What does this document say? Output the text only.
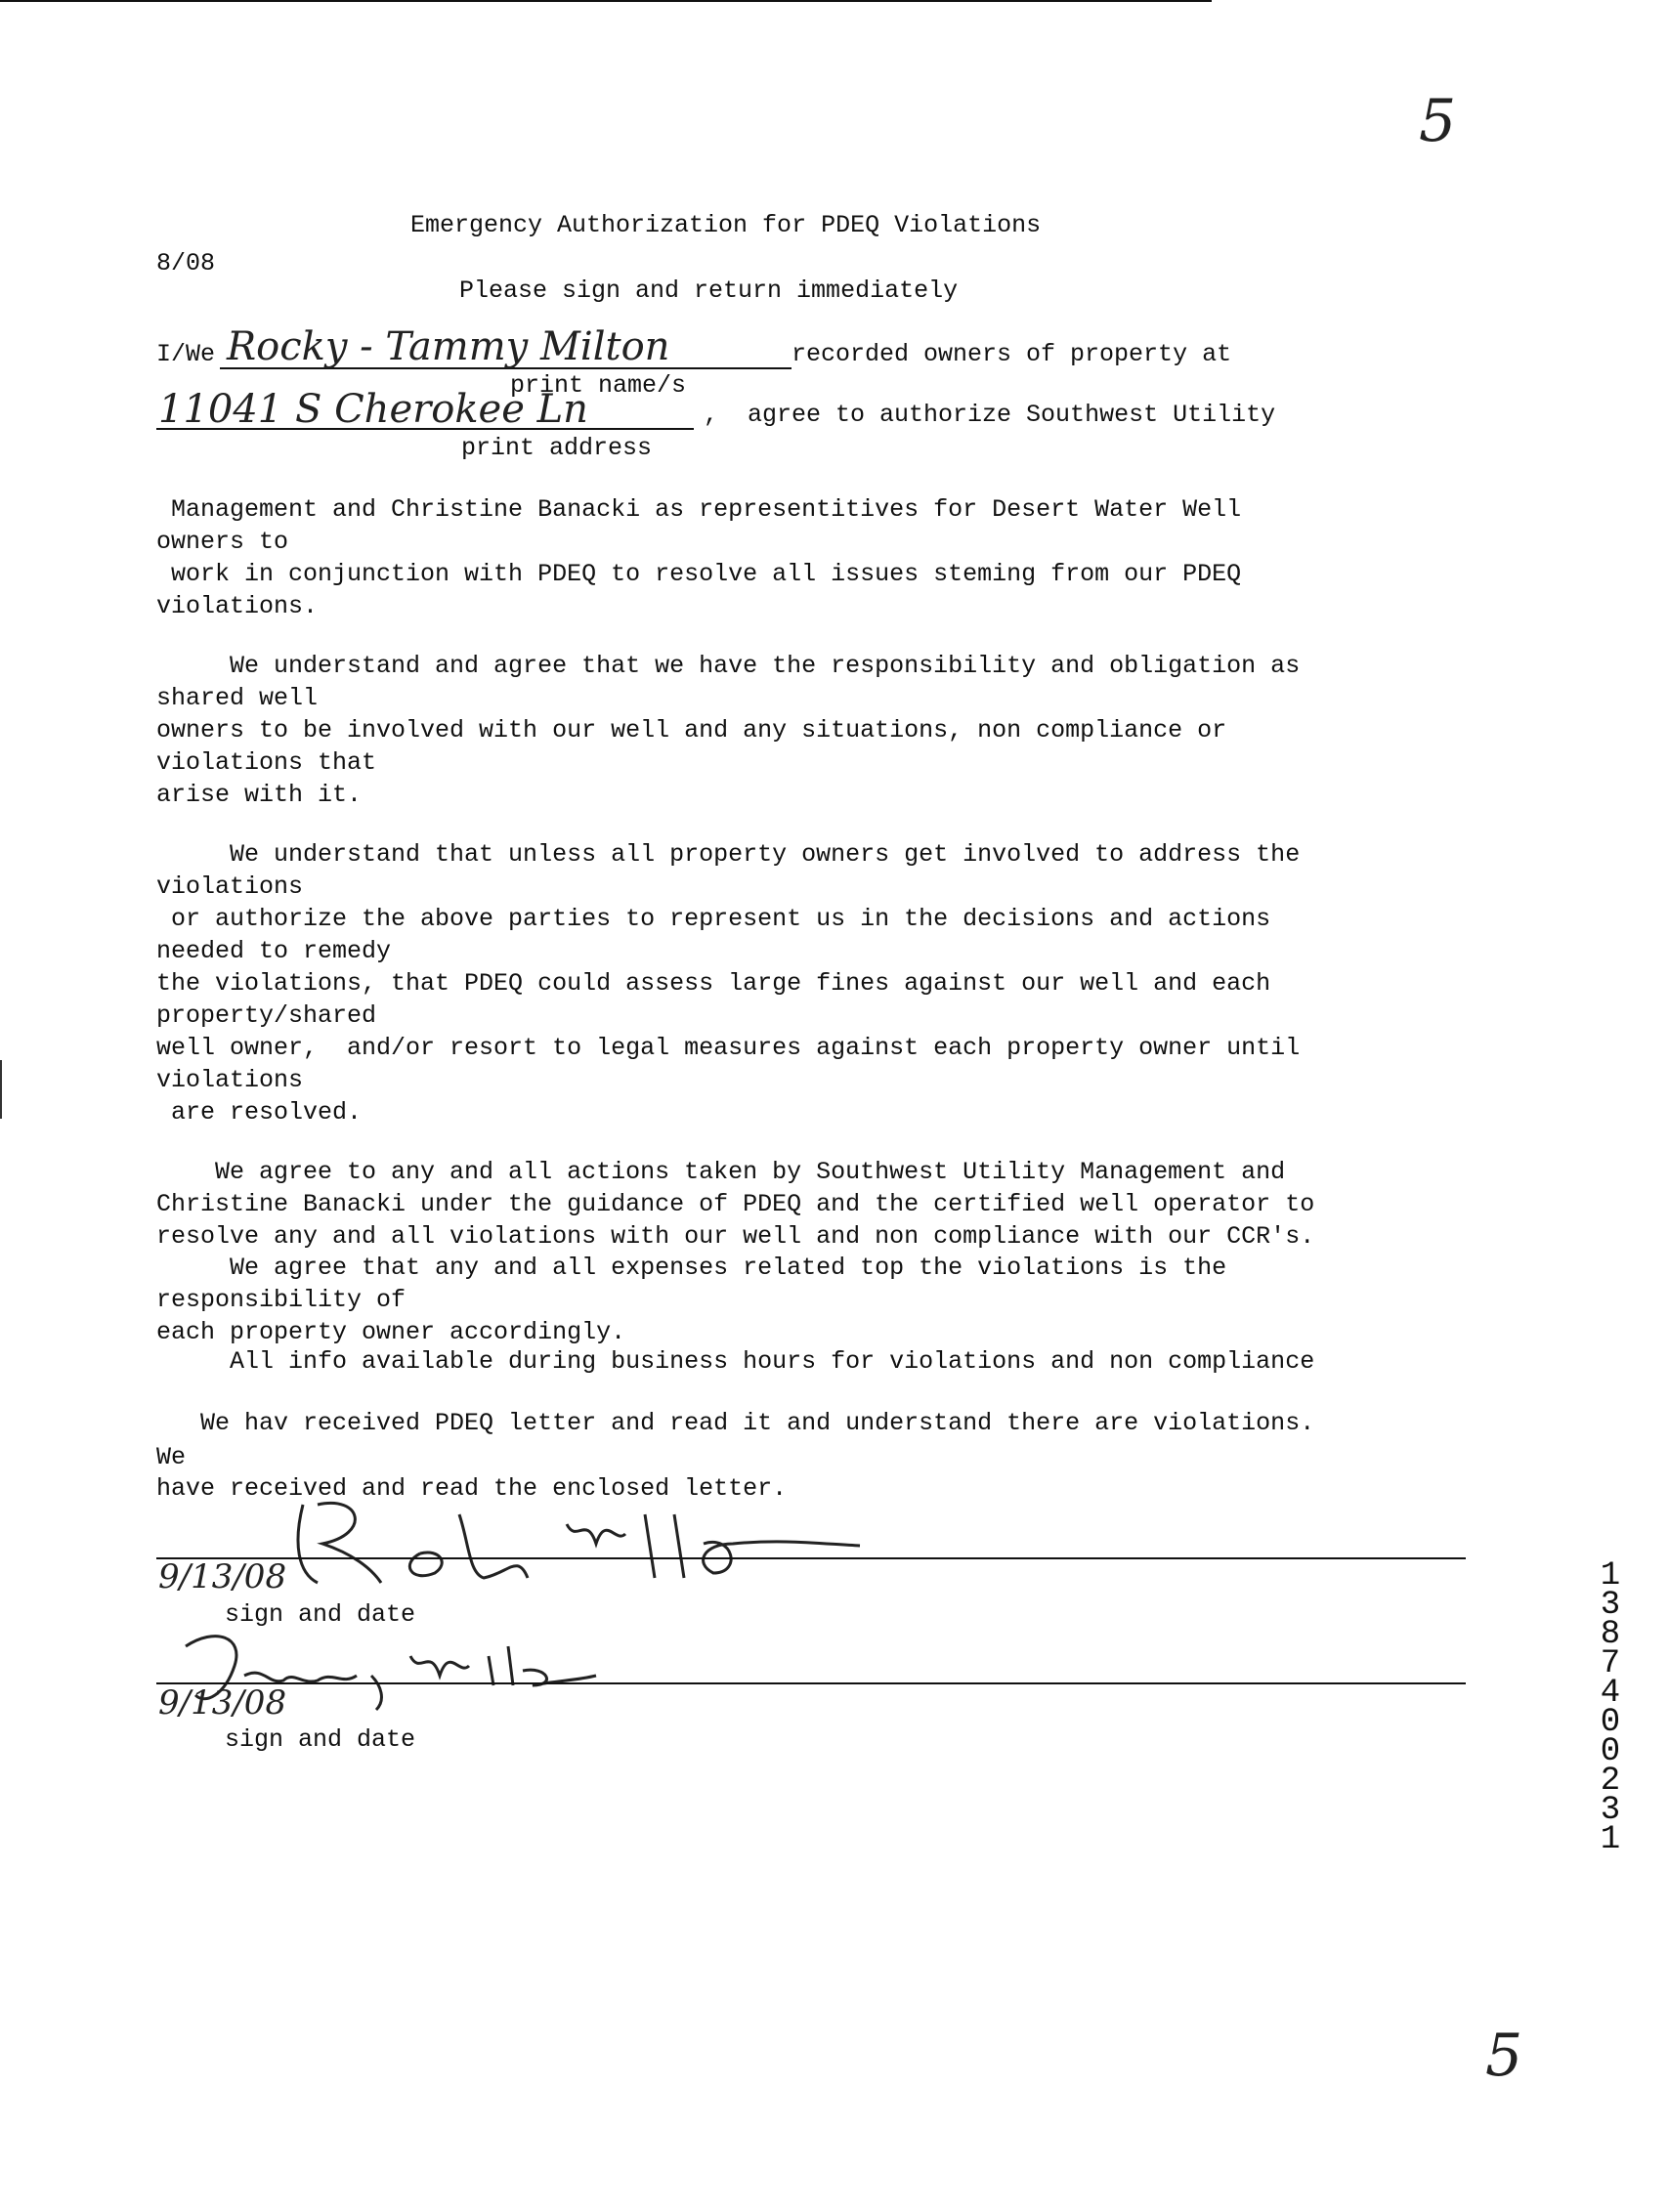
5
8/08
Emergency Authorization for PDEQ Violations
Please sign and return immediately
I/We Rocky - Tammy Milton	recorded owners of property at
print name/s
11041 S Cherokee Ln	,  agree to authorize Southwest Utility
print address
Management and Christine Banacki as representitives for Desert Water Well
owners to
work in conjunction with PDEQ to resolve all issues steming from our PDEQ
violations.
We understand and agree that we have the responsibility and obligation as
shared well
owners to be involved with our well and any situations, non compliance or
violations that
arise with it.
We understand that unless all property owners get involved to address the
violations
or authorize the above parties to represent us in the decisions and actions
needed to remedy
the violations, that PDEQ could assess large fines against our well and each
property/shared
well owner,  and/or resort to legal measures against each property owner until
violations
are resolved.
We agree to any and all actions taken by Southwest Utility Management and
Christine Banacki under the guidance of PDEQ and the certified well operator to
resolve any and all violations with our well and non compliance with our CCR's.
We agree that any and all expenses related top the violations is the
responsibility of
each property owner accordingly.
All info available during business hours for violations and non compliance
We hav received PDEQ letter and read it and understand there are violations.
We
have received and read the enclosed letter.
9/13/08
sign and date
9/13/08
sign and date
13874 00231
5
